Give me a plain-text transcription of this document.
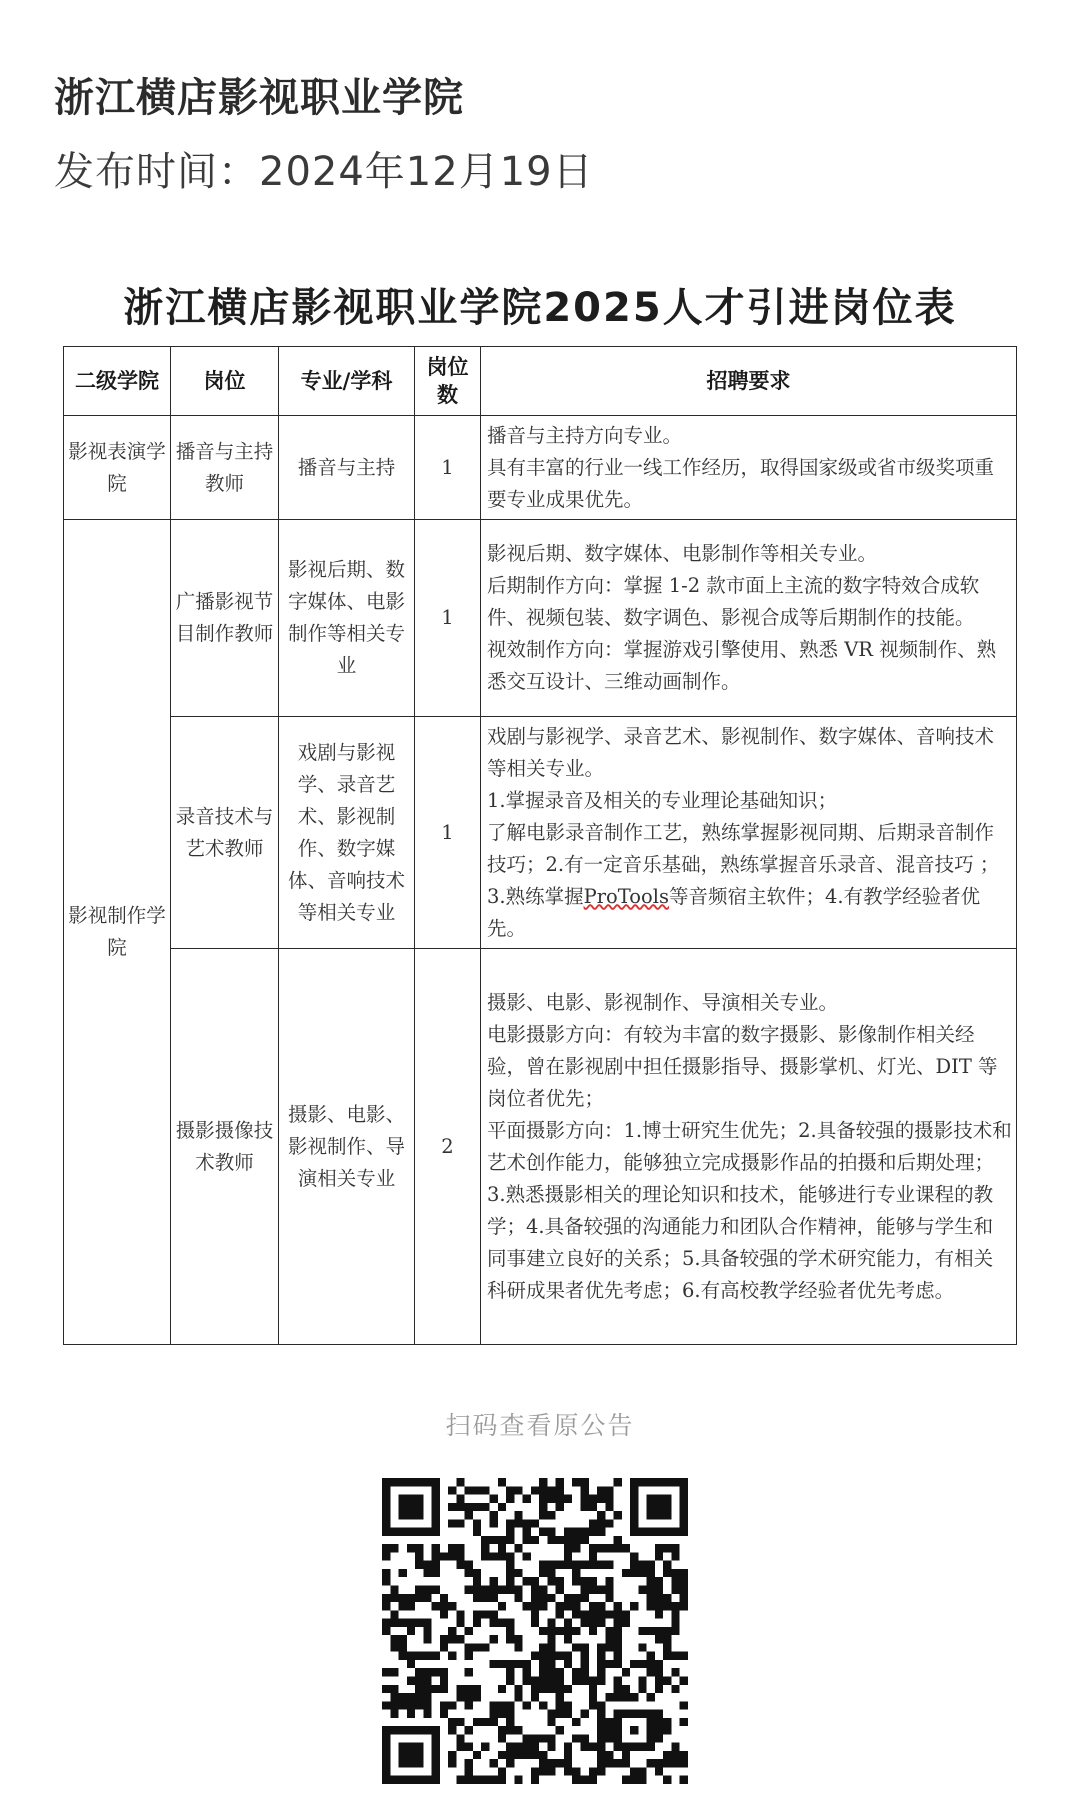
浙江横店影视职业学院
发布时间：2024年12月19日
浙江横店影视职业学院2025人才引进岗位表
二级学院	岗位	专业/学科	岗位数	招聘要求
影视表演学院	播音与主持教师	播音与主持	1	播音与主持方向专业。

具有丰富的行业一线工作经历，取得国家级或省市级奖项重要专业成果优先。

影视制作学院	广播影视节目制作教师	影视后期、数字媒体、电影制作等相关专业	1	影视后期、数字媒体、电影制作等相关专业。

后期制作方向：掌握 1-2 款市面上主流的数字特效合成软件、视频包装、数字调色、影视合成等后期制作的技能。

视效制作方向：掌握游戏引擎使用、熟悉 VR 视频制作、熟悉交互设计、三维动画制作。

	录音技术与艺术教师	戏剧与影视学、录音艺术、影视制作、数字媒体、音响技术等相关专业	1	戏剧与影视学、录音艺术、影视制作、数字媒体、音响技术等相关专业。

1.掌握录音及相关的专业理论基础知识；

了解电影录音制作工艺，熟练掌握影视同期、后期录音制作技巧；2.有一定音乐基础，熟练掌握音乐录音、混音技巧 ； 3.熟练掌握ProTools等音频宿主软件；4.有教学经验者优先。

	摄影摄像技术教师	摄影、电影、影视制作、导演相关专业	2	摄影、电影、影视制作、导演相关专业。

电影摄影方向：有较为丰富的数字摄影、影像制作相关经验，曾在影视剧中担任摄影指导、摄影掌机、灯光、DIT 等岗位者优先；

平面摄影方向：1.博士研究生优先；2.具备较强的摄影技术和艺术创作能力，能够独立完成摄影作品的拍摄和后期处理；3.熟悉摄影相关的理论知识和技术，能够进行专业课程的教学；4.具备较强的沟通能力和团队合作精神，能够与学生和同事建立良好的关系；5.具备较强的学术研究能力，有相关科研成果者优先考虑；6.有高校教学经验者优先考虑。

扫码查看原公告
